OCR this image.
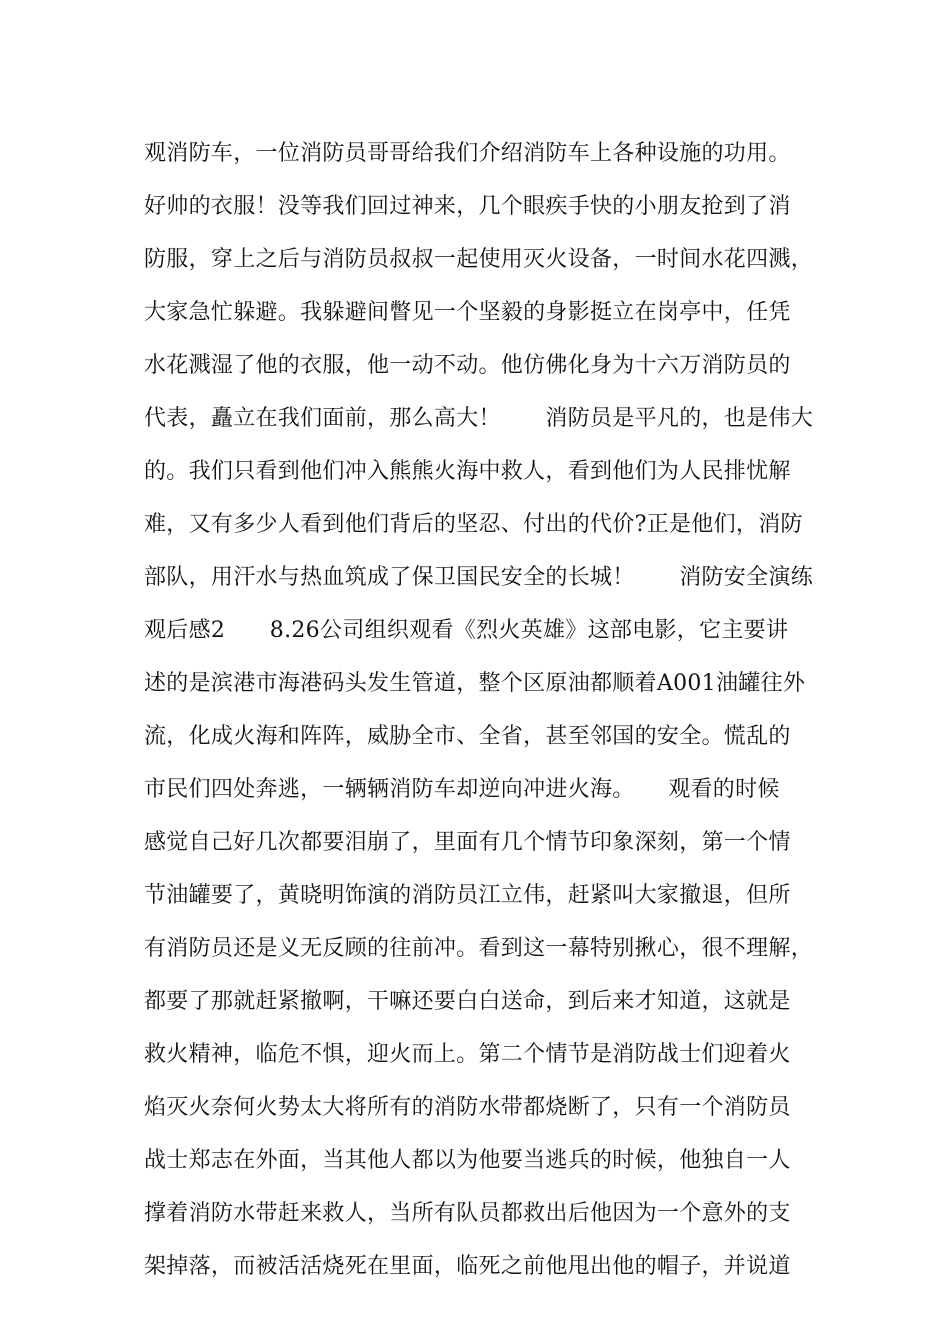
观消防车，一位消防员哥哥给我们介绍消防车上各种设施的功用。
好帅的衣服！没等我们回过神来，几个眼疾手快的小朋友抢到了消
防服，穿上之后与消防员叔叔一起使用灭火设备，一时间水花四溅，
大家急忙躲避。我躲避间瞥见一个坚毅的身影挺立在岗亭中，任凭
水花溅湿了他的衣服，他一动不动。他仿佛化身为十六万消防员的
代表，矗立在我们面前，那么高大！　　消防员是平凡的，也是伟大
的。我们只看到他们冲入熊熊火海中救人，看到他们为人民排忧解
难，又有多少人看到他们背后的坚忍、付出的代价?正是他们，消防
部队，用汗水与热血筑成了保卫国民安全的长城！　　消防安全演练
观后感2　　8.26公司组织观看《烈火英雄》这部电影，它主要讲
述的是滨港市海港码头发生管道，整个区原油都顺着A001油罐往外
流，化成火海和阵阵，威胁全市、全省，甚至邻国的安全。慌乱的
市民们四处奔逃，一辆辆消防车却逆向冲进火海。　　观看的时候
感觉自己好几次都要泪崩了，里面有几个情节印象深刻，第一个情
节油罐要了，黄晓明饰演的消防员江立伟，赶紧叫大家撤退，但所
有消防员还是义无反顾的往前冲。看到这一幕特别揪心，很不理解，
都要了那就赶紧撤啊，干嘛还要白白送命，到后来才知道，这就是
救火精神，临危不惧，迎火而上。第二个情节是消防战士们迎着火
焰灭火奈何火势太大将所有的消防水带都烧断了，只有一个消防员
战士郑志在外面，当其他人都以为他要当逃兵的时候，他独自一人
撑着消防水带赶来救人，当所有队员都救出后他因为一个意外的支
架掉落，而被活活烧死在里面，临死之前他甩出他的帽子，并说道
